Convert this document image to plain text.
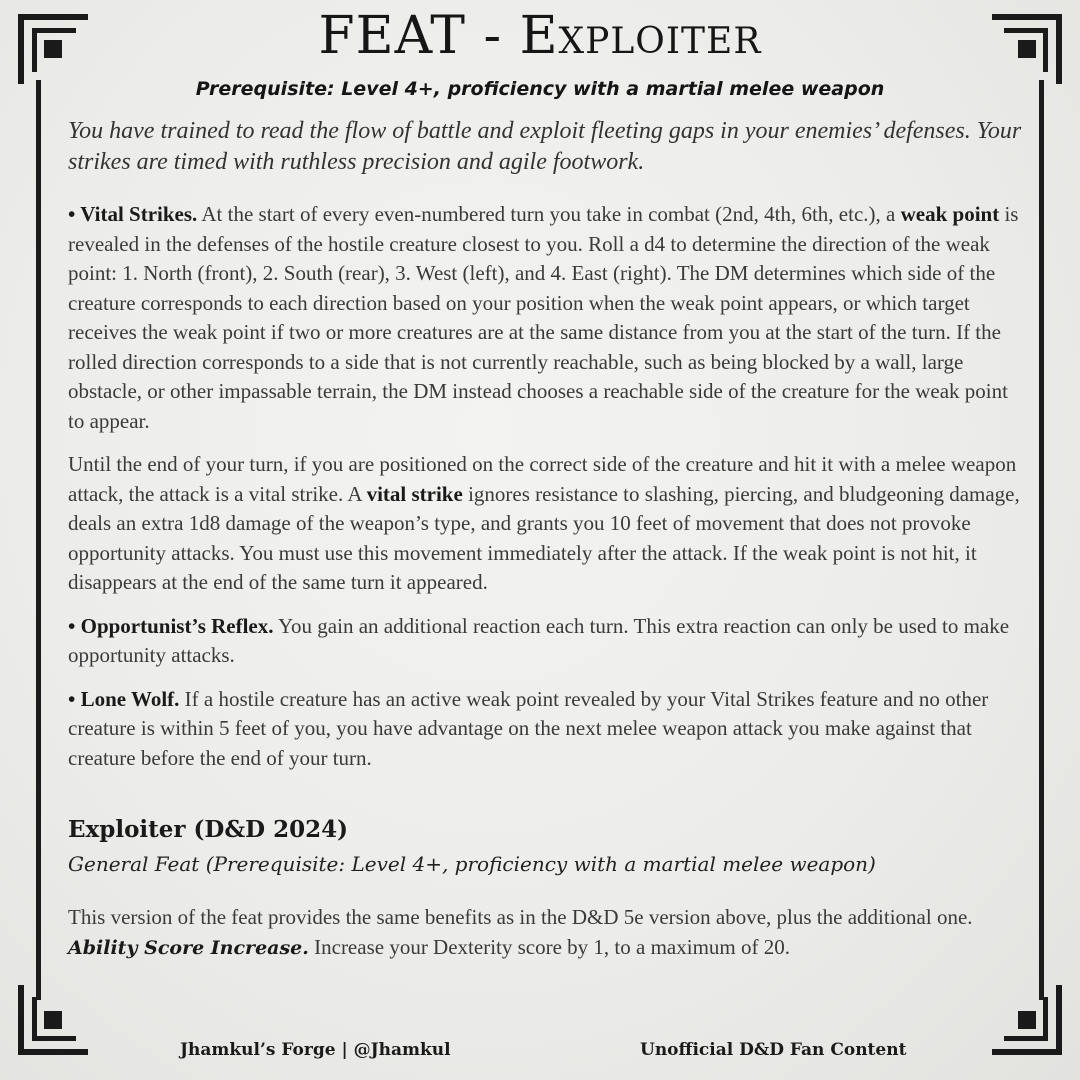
FEAT - Exploiter
Prerequisite: Level 4+, proficiency with a martial melee weapon
You have trained to read the flow of battle and exploit fleeting gaps in your enemies’ defenses. Your strikes are timed with ruthless precision and agile footwork.

• Vital Strikes. At the start of every even-numbered turn you take in combat (2nd, 4th, 6th, etc.), a weak point is revealed in the defenses of the hostile creature closest to you. Roll a d4 to determine the direction of the weak point: 1. North (front), 2. South (rear), 3. West (left), and 4. East (right). The DM determines which side of the creature corresponds to each direction based on your position when the weak point appears, or which target receives the weak point if two or more creatures are at the same distance from you at the start of the turn. If the rolled direction corresponds to a side that is not currently reachable, such as being blocked by a wall, large obstacle, or other impassable terrain, the DM instead chooses a reachable side of the creature for the weak point to appear.

Until the end of your turn, if you are positioned on the correct side of the creature and hit it with a melee weapon attack, the attack is a vital strike. A vital strike ignores resistance to slashing, piercing, and bludgeoning damage, deals an extra 1d8 damage of the weapon’s type, and grants you 10 feet of movement that does not provoke opportunity attacks. You must use this movement immediately after the attack. If the weak point is not hit, it disappears at the end of the same turn it appeared.

• Opportunist’s Reflex. You gain an additional reaction each turn. This extra reaction can only be used to make opportunity attacks.

• Lone Wolf. If a hostile creature has an active weak point revealed by your Vital Strikes feature and no other creature is within 5 feet of you, you have advantage on the next melee weapon attack you make against that creature before the end of your turn.

Exploiter (D&D 2024)
General Feat (Prerequisite: Level 4+, proficiency with a martial melee weapon)

This version of the feat provides the same benefits as in the D&D 5e version above, plus the additional one.

Ability Score Increase. Increase your Dexterity score by 1, to a maximum of 20.

Jhamkul’s Forge | @Jhamkul	Unofficial D&D Fan Content
